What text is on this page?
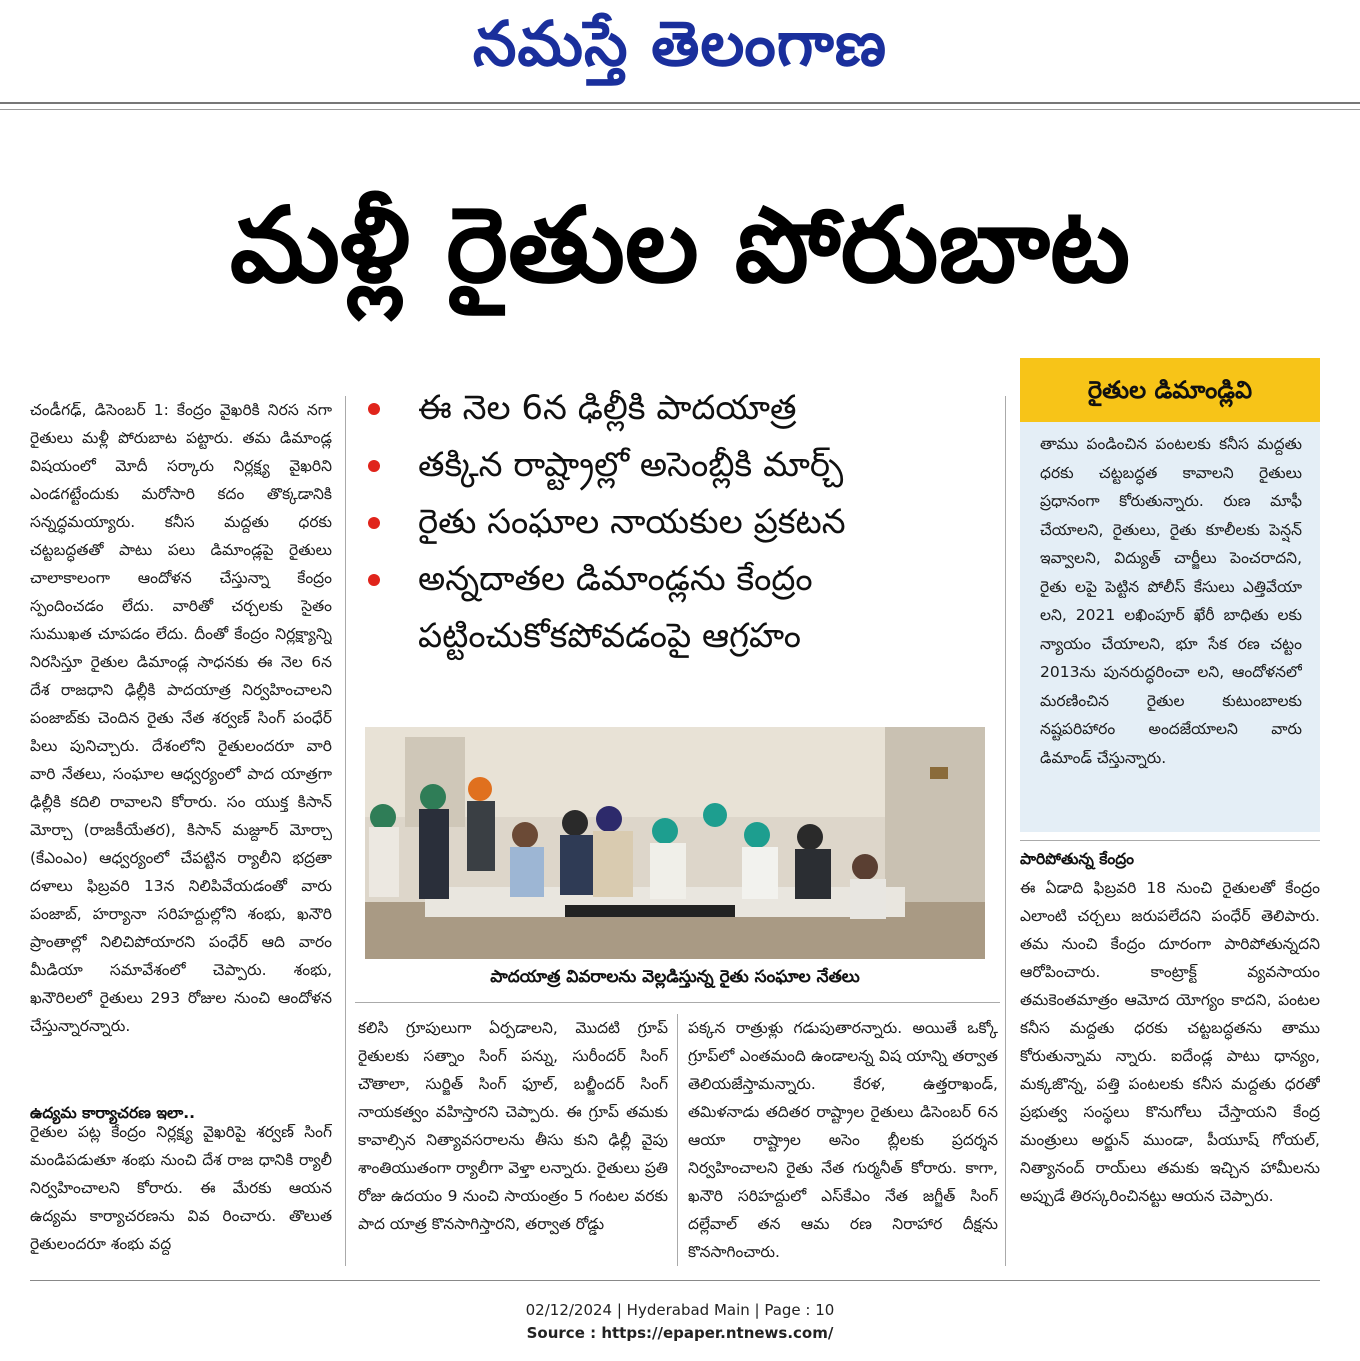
నమస్తే తెలంగాణ
మళ్లీ రైతుల పోరుబాట
ఈ నెల 6న ఢిల్లీకి పాదయాత్ర
తక్కిన రాష్ట్రాల్లో అసెంబ్లీకి మార్చ్
రైతు సంఘాల నాయకుల ప్రకటన
అన్నదాతల డిమాండ్లను కేంద్రం
పట్టించుకోకపోవడంపై ఆగ్రహం
చండీగఢ్, డిసెంబర్ 1: కేంద్రం వైఖరికి నిరస నగా రైతులు మళ్లీ పోరుబాట పట్టారు. తమ డిమాండ్ల విషయంలో మోదీ సర్కారు నిర్లక్ష్య వైఖరిని ఎండగట్టేందుకు మరోసారి కదం తొక్కడానికి సన్నద్ధమయ్యారు. కనీస మద్దతు ధరకు చట్టబద్ధతతో పాటు పలు డిమాండ్లపై రైతులు చాలాకాలంగా ఆందోళన చేస్తున్నా కేంద్రం స్పందించడం లేదు. వారితో చర్చలకు సైతం సుముఖత చూపడం లేదు. దీంతో కేంద్రం నిర్లక్ష్యాన్ని నిరసిస్తూ రైతుల డిమాండ్ల సాధనకు ఈ నెల 6న దేశ రాజధాని ఢిల్లీకి పాదయాత్ర నిర్వహించాలని పంజాబ్‌కు చెందిన రైతు నేత శర్వణ్ సింగ్ పంధేర్ పిలు పునిచ్చారు. దేశంలోని రైతులందరూ వారి వారి నేతలు, సంఘాల ఆధ్వర్యంలో పాద యాత్రగా ఢిల్లీకి కదిలి రావాలని కోరారు. సం యుక్త కిసాన్ మోర్చా (రాజకీయేతర), కిసాన్ మజ్దూర్ మోర్చా (కేఎంఎం) ఆధ్వర్యంలో చేపట్టిన ర్యాలీని భద్రతా దళాలు ఫిబ్రవరి 13న నిలిపివేయడంతో వారు పంజాబ్, హర్యానా సరిహద్దుల్లోని శంభు, ఖనౌరి ప్రాంతాల్లో నిలిచిపోయారని పంధేర్ ఆది వారం మీడియా సమావేశంలో చెప్పారు. శంభు, ఖనౌరిలలో రైతులు 293 రోజుల నుంచి ఆందోళన చేస్తున్నారన్నారు.
ఉద్యమ కార్యాచరణ ఇలా..
రైతుల పట్ల కేంద్రం నిర్లక్ష్య వైఖరిపై శర్వణ్ సింగ్ మండిపడుతూ శంభు నుంచి దేశ రాజ ధానికి ర్యాలీ నిర్వహించాలని కోరారు. ఈ మేరకు ఆయన ఉద్యమ కార్యాచరణను వివ రించారు. తొలుత రైతులందరూ శంభు వద్ద
పాదయాత్ర వివరాలను వెల్లడిస్తున్న రైతు సంఘాల నేతలు
కలిసి గ్రూపులుగా ఏర్పడాలని, మొదటి గ్రూప్ రైతులకు సత్నాం సింగ్ పన్ను, సురీందర్ సింగ్ చౌతాలా, సుర్జిత్ సింగ్ ఫూల్, బల్జీందర్ సింగ్ నాయకత్వం వహిస్తారని చెప్పారు. ఈ గ్రూప్ తమకు కావాల్సిన నిత్యావసరాలను తీసు కుని ఢిల్లీ వైపు శాంతియుతంగా ర్యాలీగా వెళ్తా లన్నారు. రైతులు ప్రతి రోజు ఉదయం 9 నుంచి సాయంత్రం 5 గంటల వరకు పాద యాత్ర కొనసాగిస్తారని, తర్వాత రోడ్డు
పక్కన రాత్రుళ్లు గడుపుతారన్నారు. అయితే ఒక్కో గ్రూప్‌లో ఎంతమంది ఉండాలన్న విష యాన్ని తర్వాత తెలియజేస్తామన్నారు. కేరళ, ఉత్తరాఖండ్, తమిళనాడు తదితర రాష్ట్రాల రైతులు డిసెంబర్ 6న ఆయా రాష్ట్రాల అసెం బ్లీలకు ప్రదర్శన నిర్వహించాలని రైతు నేత గుర్మనీత్ కోరారు. కాగా, ఖనౌరి సరిహద్దులో ఎస్‌కేఎం నేత జగ్జీత్ సింగ్ దల్లేవాల్ తన ఆమ రణ నిరాహార దీక్షను కొనసాగించారు.
రైతుల డిమాండ్లివి
తాము పండించిన పంటలకు కనీస మద్దతు ధరకు చట్టబద్ధత కావాలని రైతులు ప్రధానంగా కోరుతున్నారు. రుణ మాఫీ చేయాలని, రైతులు, రైతు కూలీలకు పెన్షన్ ఇవ్వాలని, విద్యుత్ చార్జీలు పెంచరాదని, రైతు లపై పెట్టిన పోలీస్ కేసులు ఎత్తివేయా లని, 2021 లఖింపూర్ ఖేరీ బాధితు లకు న్యాయం చేయాలని, భూ సేక రణ చట్టం 2013ను పునరుద్ధరించా లని, ఆందోళనలో మరణించిన రైతుల కుటుంబాలకు నష్టపరిహారం అందజేయాలని వారు డిమాండ్ చేస్తున్నారు.
పారిపోతున్న కేంద్రం
ఈ ఏడాది ఫిబ్రవరి 18 నుంచి రైతులతో కేంద్రం ఎలాంటి చర్చలు జరుపలేదని పంధేర్ తెలిపారు. తమ నుంచి కేంద్రం దూరంగా పారిపోతున్నదని ఆరోపించారు. కాంట్రాక్ట్ వ్యవసాయం తమకెంతమాత్రం ఆమోద యోగ్యం కాదని, పంటల కనీస మద్దతు ధరకు చట్టబద్ధతను తాము కోరుతున్నామ న్నారు. ఐదేండ్ల పాటు ధాన్యం, మక్కజొన్న, పత్తి పంటలకు కనీస మద్దతు ధరతో ప్రభుత్వ సంస్థలు కొనుగోలు చేస్తాయని కేంద్ర మంత్రులు అర్జున్ ముండా, పీయూష్ గోయల్, నిత్యానంద్ రాయ్‌లు తమకు ఇచ్చిన హామీలను అప్పుడే తిరస్కరించినట్టు ఆయన చెప్పారు.
02/12/2024 | Hyderabad Main | Page : 10
Source : https://epaper.ntnews.com/
